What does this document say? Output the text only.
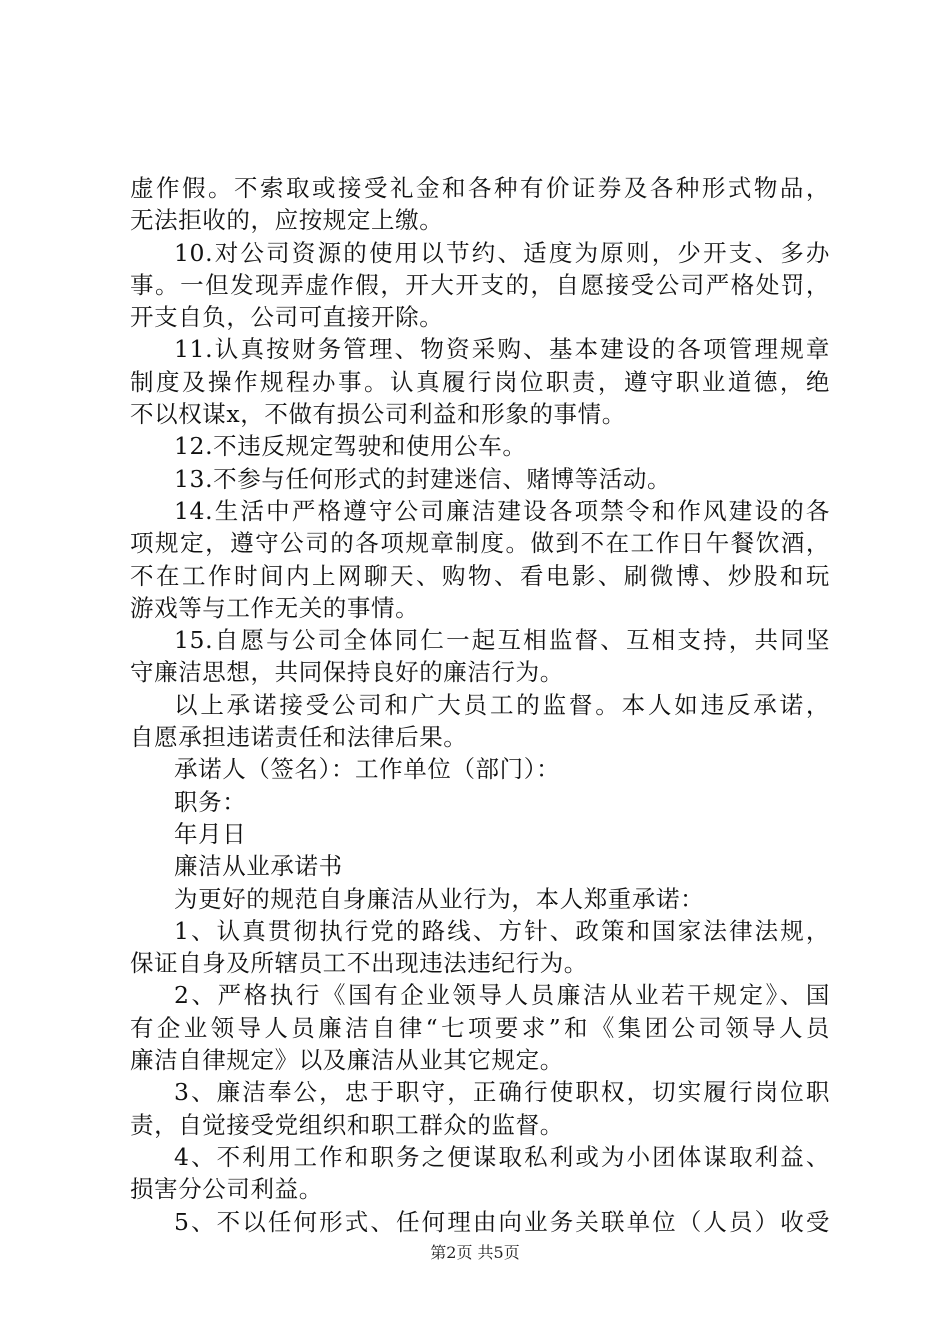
虚作假。不索取或接受礼金和各种有价证券及各种形式物品，
无法拒收的，应按规定上缴。
10.对公司资源的使用以节约、适度为原则，少开支、多办
事。一但发现弄虚作假，开大开支的，自愿接受公司严格处罚，
开支自负，公司可直接开除。
11.认真按财务管理、物资采购、基本建设的各项管理规章
制度及操作规程办事。认真履行岗位职责，遵守职业道德，绝
不以权谋x，不做有损公司利益和形象的事情。
12.不违反规定驾驶和使用公车。
13.不参与任何形式的封建迷信、赌博等活动。
14.生活中严格遵守公司廉洁建设各项禁令和作风建设的各
项规定，遵守公司的各项规章制度。做到不在工作日午餐饮酒，
不在工作时间内上网聊天、购物、看电影、刷微博、炒股和玩
游戏等与工作无关的事情。
15.自愿与公司全体同仁一起互相监督、互相支持，共同坚
守廉洁思想，共同保持良好的廉洁行为。
以上承诺接受公司和广大员工的监督。本人如违反承诺，
自愿承担违诺责任和法律后果。
承诺人（签名）：工作单位（部门）：
职务：
年月日
廉洁从业承诺书
为更好的规范自身廉洁从业行为，本人郑重承诺：
1、认真贯彻执行党的路线、方针、政策和国家法律法规，
保证自身及所辖员工不出现违法违纪行为。
2、严格执行《国有企业领导人员廉洁从业若干规定》、国
有企业领导人员廉洁自律“七项要求”和《集团公司领导人员
廉洁自律规定》以及廉洁从业其它规定。
3、廉洁奉公，忠于职守，正确行使职权，切实履行岗位职
责，自觉接受党组织和职工群众的监督。
4、不利用工作和职务之便谋取私利或为小团体谋取利益、
损害分公司利益。
5、不以任何形式、任何理由向业务关联单位（人员）收受
第2页 共5页
